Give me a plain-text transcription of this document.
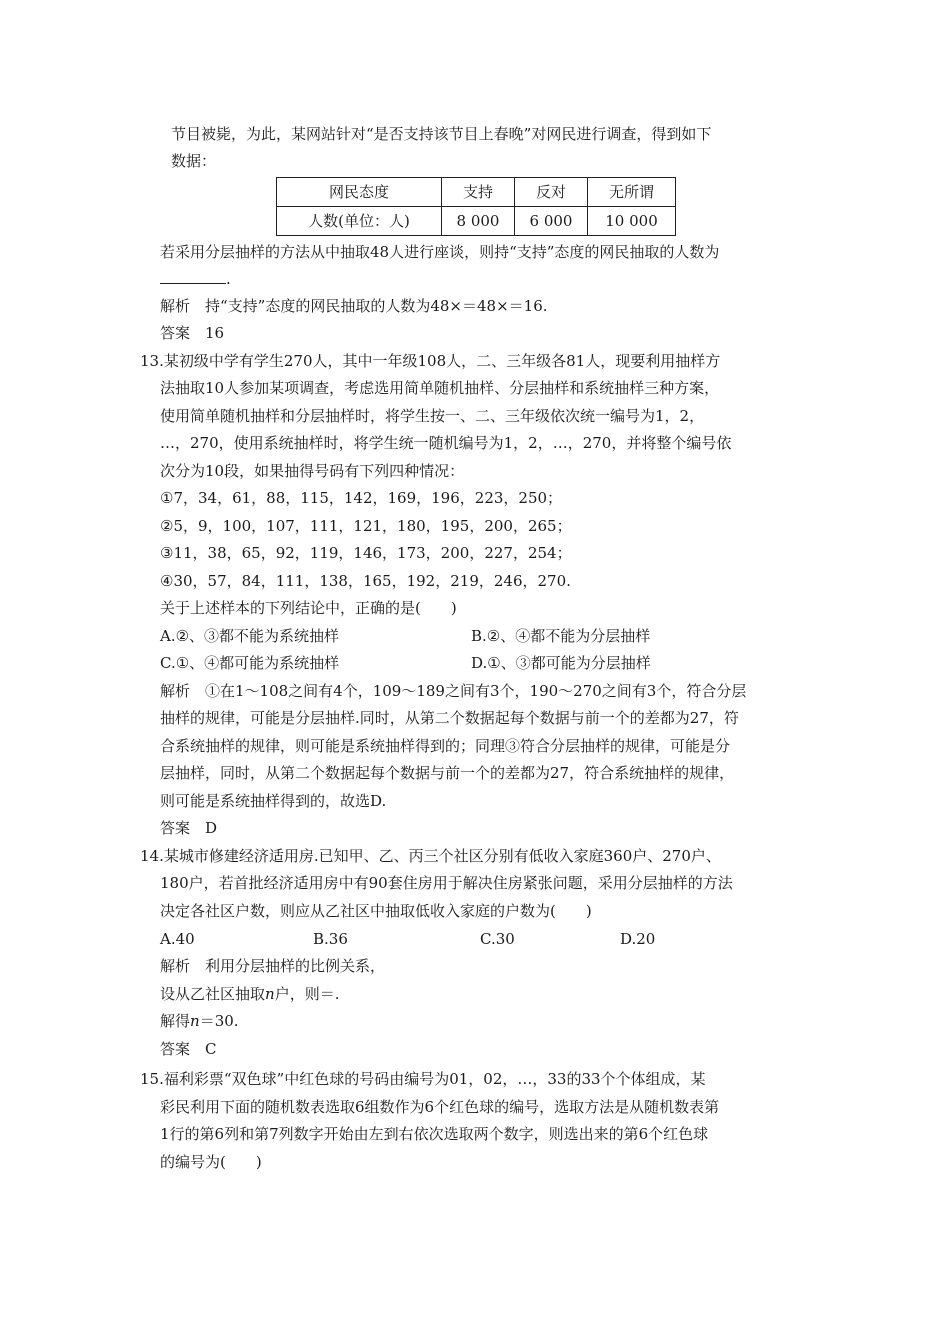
节目被毙，为此，某网站针对“是否支持该节目上春晚”对网民进行调查，得到如下
数据：
网民态度	支持	反对	无所谓
人数(单位：人)	8 000	6 000	10 000
若采用分层抽样的方法从中抽取48人进行座谈，则持“支持”态度的网民抽取的人数为
.
解析　持“支持”态度的网民抽取的人数为48×＝48×＝16.
答案　16
13.某初级中学有学生270人，其中一年级108人，二、三年级各81人，现要利用抽样方
法抽取10人参加某项调查，考虑选用简单随机抽样、分层抽样和系统抽样三种方案，
使用简单随机抽样和分层抽样时，将学生按一、二、三年级依次统一编号为1，2，
…，270，使用系统抽样时，将学生统一随机编号为1，2，…，270，并将整个编号依
次分为10段，如果抽得号码有下列四种情况：
①7，34，61，88，115，142，169，196，223，250；
②5，9，100，107，111，121，180，195，200，265；
③11，38，65，92，119，146，173，200，227，254；
④30，57，84，111，138，165，192，219，246，270.
关于上述样本的下列结论中，正确的是(　　)
A.②、③都不能为系统抽样	B.②、④都不能为分层抽样
C.①、④都可能为系统抽样	D.①、③都可能为分层抽样
解析　①在1～108之间有4个，109～189之间有3个，190～270之间有3个，符合分层
抽样的规律，可能是分层抽样.同时，从第二个数据起每个数据与前一个的差都为27，符
合系统抽样的规律，则可能是系统抽样得到的；同理③符合分层抽样的规律，可能是分
层抽样，同时，从第二个数据起每个数据与前一个的差都为27，符合系统抽样的规律，
则可能是系统抽样得到的，故选D.
答案　D
14.某城市修建经济适用房.已知甲、乙、丙三个社区分别有低收入家庭360户、270户、
180户，若首批经济适用房中有90套住房用于解决住房紧张问题，采用分层抽样的方法
决定各社区户数，则应从乙社区中抽取低收入家庭的户数为(　　)
A.40	B.36	C.30	D.20
解析　利用分层抽样的比例关系，
设从乙社区抽取n户，则＝.
解得n＝30.
答案　C
15.福利彩票“双色球”中红色球的号码由编号为01，02，…，33的33个个体组成，某
彩民利用下面的随机数表选取6组数作为6个红色球的编号，选取方法是从随机数表第
1行的第6列和第7列数字开始由左到右依次选取两个数字，则选出来的第6个红色球
的编号为(　　)
